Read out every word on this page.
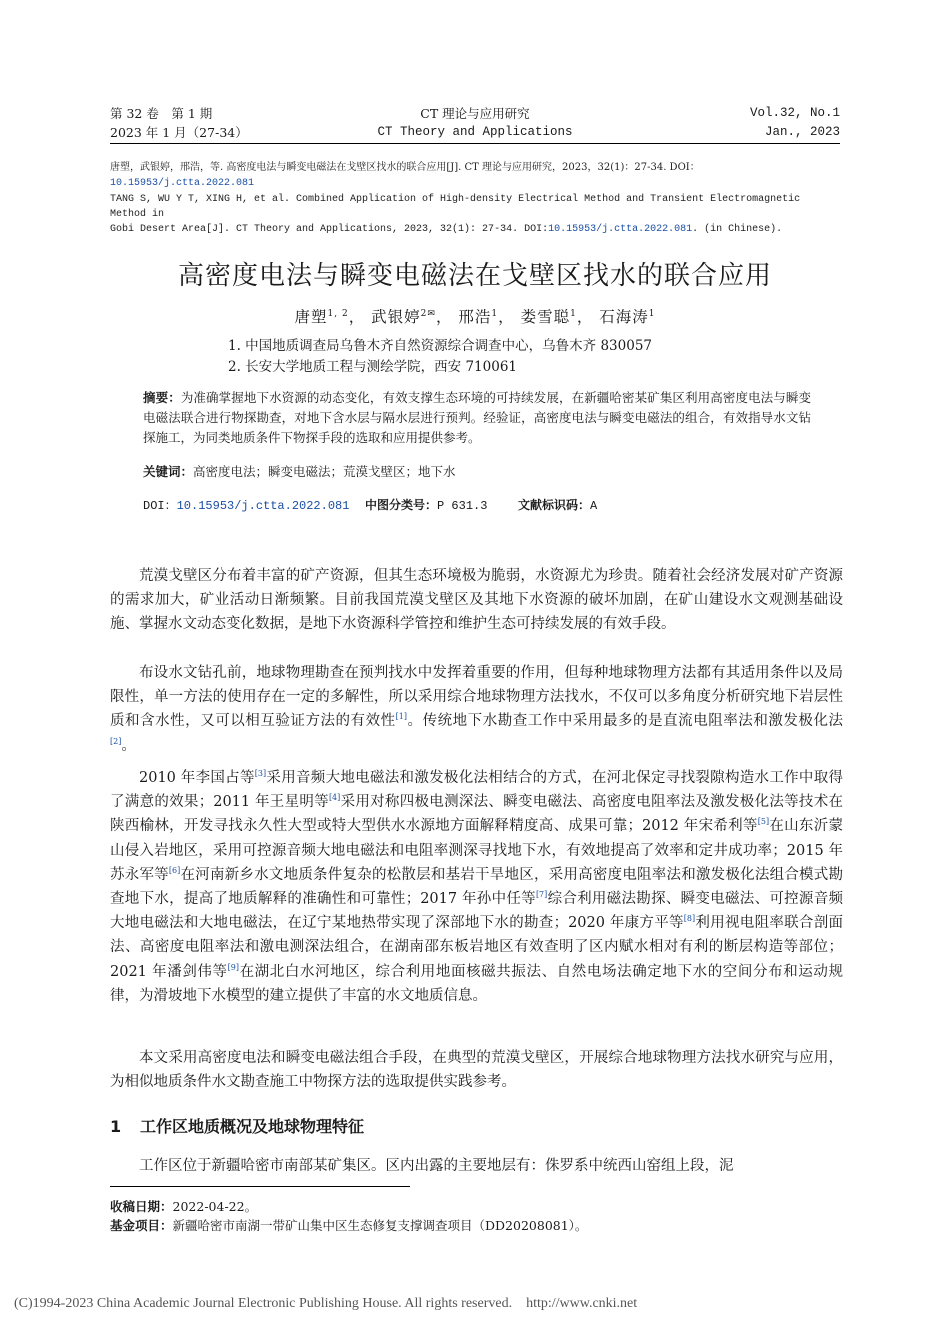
第 32 卷　第 1 期
2023 年 1 月（27-34）
CT 理论与应用研究
CT Theory and Applications
Vol.32, No.1
Jan., 2023
唐塑，武银婷，邢浩，等. 高密度电法与瞬变电磁法在戈壁区找水的联合应用[J]. CT 理论与应用研究，2023，32(1)：27-34. DOI：10.15953/j.ctta.2022.081
TANG S, WU Y T, XING H, et al. Combined Application of High-density Electrical Method and Transient Electromagnetic Method in
Gobi Desert Area[J]. CT Theory and Applications, 2023, 32(1): 27-34. DOI:10.15953/j.ctta.2022.081. (in Chinese).
高密度电法与瞬变电磁法在戈壁区找水的联合应用
唐塑$^{1, 2}$， 武银婷$^{2✉}$， 邢浩$^1$， 娄雪聪$^1$， 石海涛$^1$
1. 中国地质调查局乌鲁木齐自然资源综合调查中心，乌鲁木齐 830057
2. 长安大学地质工程与测绘学院，西安 710061
摘要：为准确掌握地下水资源的动态变化，有效支撑生态环境的可持续发展，在新疆哈密某矿集区利用高密度电法与瞬变电磁法联合进行物探勘查，对地下含水层与隔水层进行预判。经验证，高密度电法与瞬变电磁法的组合，有效指导水文钻探施工，为同类地质条件下物探手段的选取和应用提供参考。
关键词：高密度电法；瞬变电磁法；荒漠戈壁区；地下水
DOI：10.15953/j.ctta.2022.081 中图分类号：P 631.3	文献标识码：A

荒漠戈壁区分布着丰富的矿产资源，但其生态环境极为脆弱，水资源尤为珍贵。随着社会经济发展对矿产资源的需求加大，矿业活动日渐频繁。目前我国荒漠戈壁区及其地下水资源的破坏加剧，在矿山建设水文观测基础设施、掌握水文动态变化数据，是地下水资源科学管控和维护生态可持续发展的有效手段。

布设水文钻孔前，地球物理勘查在预判找水中发挥着重要的作用，但每种地球物理方法都有其适用条件以及局限性，单一方法的使用存在一定的多解性，所以采用综合地球物理方法找水，不仅可以多角度分析研究地下岩层性质和含水性，又可以相互验证方法的有效性[1]。传统地下水勘查工作中采用最多的是直流电阻率法和激发极化法[2]。

2010 年李国占等[3]采用音频大地电磁法和激发极化法相结合的方式，在河北保定寻找裂隙构造水工作中取得了满意的效果；2011 年王星明等[4]采用对称四极电测深法、瞬变电磁法、高密度电阻率法及激发极化法等技术在陕西榆林，开发寻找永久性大型或特大型供水水源地方面解释精度高、成果可靠；2012 年宋希利等[5]在山东沂蒙山侵入岩地区，采用可控源音频大地电磁法和电阻率测深寻找地下水，有效地提高了效率和定井成功率；2015 年苏永军等[6]在河南新乡水文地质条件复杂的松散层和基岩干旱地区，采用高密度电阻率法和激发极化法组合模式勘查地下水，提高了地质解释的准确性和可靠性；2017 年孙中任等[7]综合利用磁法勘探、瞬变电磁法、可控源音频大地电磁法和大地电磁法，在辽宁某地热带实现了深部地下水的勘查；2020 年康方平等[8]利用视电阻率联合剖面法、高密度电阻率法和激电测深法组合，在湖南邵东板岩地区有效查明了区内赋水相对有利的断层构造等部位；2021 年潘剑伟等[9]在湖北白水河地区，综合利用地面核磁共振法、自然电场法确定地下水的空间分布和运动规律，为滑坡地下水模型的建立提供了丰富的水文地质信息。

本文采用高密度电法和瞬变电磁法组合手段，在典型的荒漠戈壁区，开展综合地球物理方法找水研究与应用，为相似地质条件水文勘查施工中物探方法的选取提供实践参考。

1 工作区地质概况及地球物理特征

工作区位于新疆哈密市南部某矿集区。区内出露的主要地层有：侏罗系中统西山窑组上段，泥

收稿日期：2022-04-22。
基金项目：新疆哈密市南湖一带矿山集中区生态修复支撑调查项目（DD20208081）。
(C)1994-2023 China Academic Journal Electronic Publishing House. All rights reserved.    http://www.cnki.net
